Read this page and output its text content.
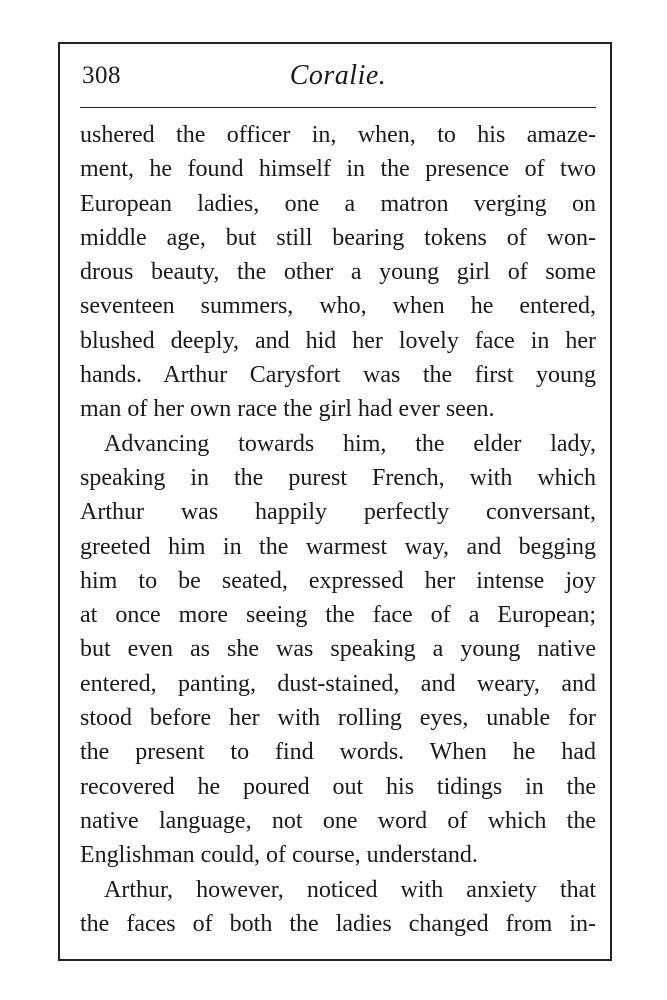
308	Coralie.
ushered the officer in, when, to his amaze-
ment, he found himself in the presence of two
European ladies, one a matron verging on
middle age, but still bearing tokens of won-
drous beauty, the other a young girl of some
seventeen summers, who, when he entered,
blushed deeply, and hid her lovely face in her
hands. Arthur Carysfort was the first young
man of her own race the girl had ever seen.
Advancing towards him, the elder lady,
speaking in the purest French, with which
Arthur was happily perfectly conversant,
greeted him in the warmest way, and begging
him to be seated, expressed her intense joy
at once more seeing the face of a European;
but even as she was speaking a young native
entered, panting, dust-stained, and weary, and
stood before her with rolling eyes, unable for
the present to find words. When he had
recovered he poured out his tidings in the
native language, not one word of which the
Englishman could, of course, understand.
Arthur, however, noticed with anxiety that
the faces of both the ladies changed from in-
